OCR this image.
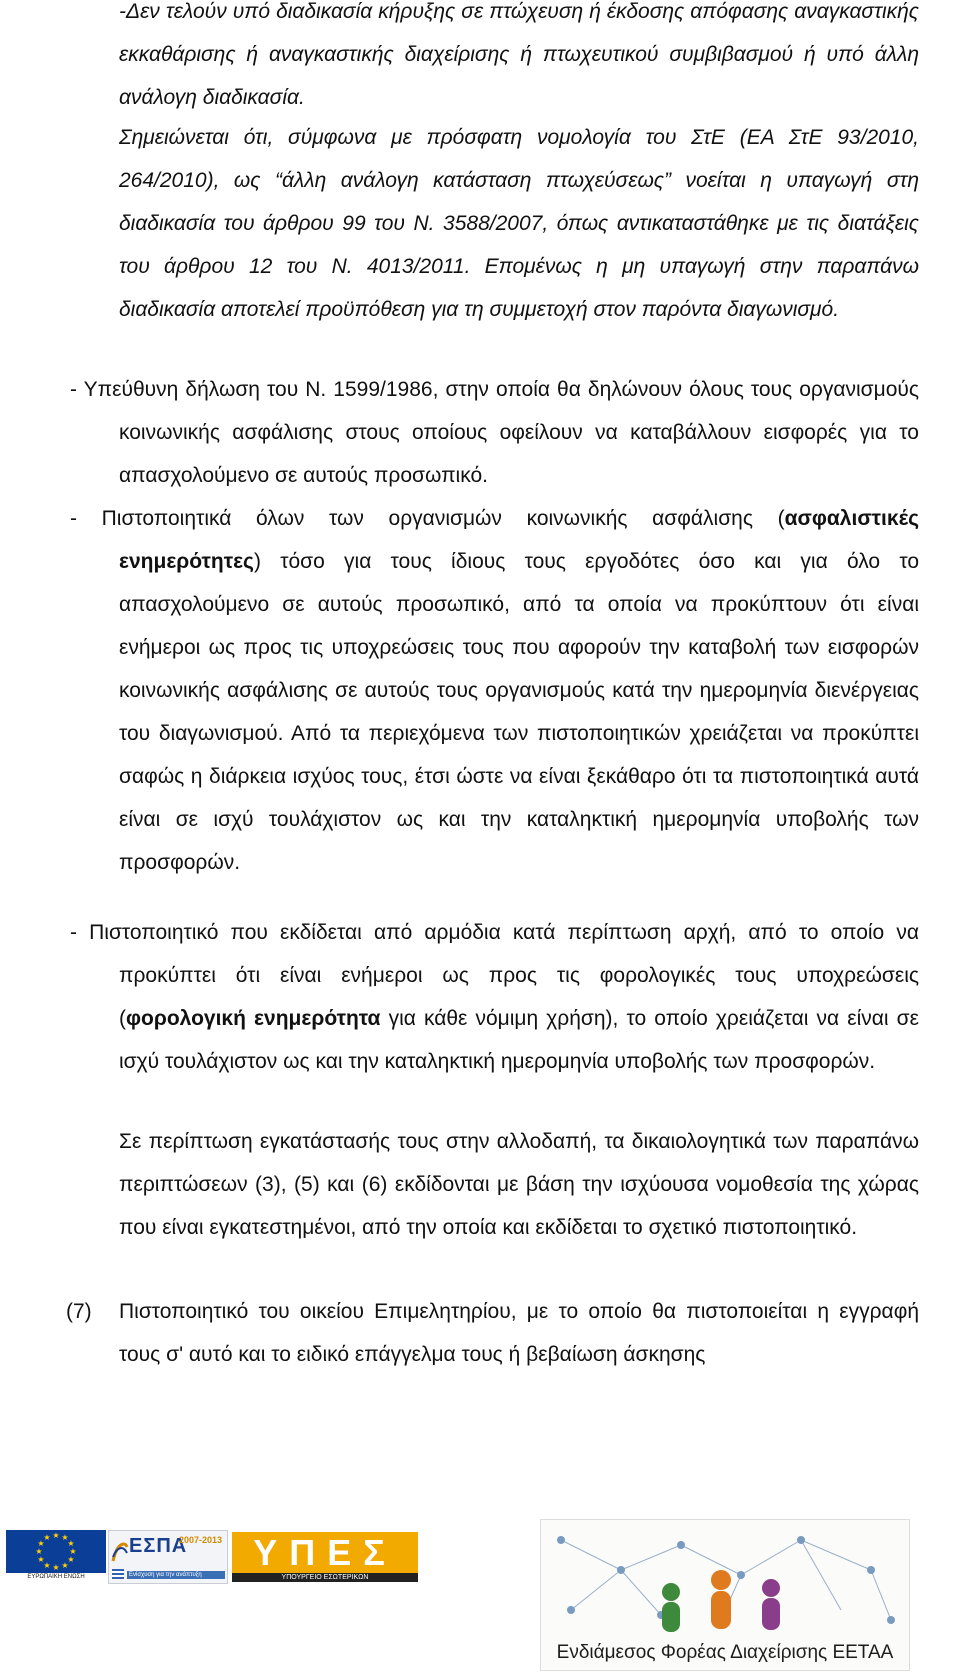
-Δεν τελούν υπό διαδικασία κήρυξης σε πτώχευση ή έκδοσης απόφασης αναγκαστικής εκκαθάρισης ή αναγκαστικής διαχείρισης ή πτωχευτικού συμβιβασμού ή υπό άλλη ανάλογη διαδικασία.

Σημειώνεται ότι, σύμφωνα με πρόσφατη νομολογία του ΣτΕ (ΕΑ ΣτΕ 93/2010, 264/2010), ως “άλλη ανάλογη κατάσταση πτωχεύσεως” νοείται η υπαγωγή στη διαδικασία του άρθρου 99 του Ν. 3588/2007, όπως αντικαταστάθηκε με τις διατάξεις του άρθρου 12 του Ν. 4013/2011. Επομένως η μη υπαγωγή στην παραπάνω διαδικασία αποτελεί προϋπόθεση για τη συμμετοχή στον παρόντα διαγωνισμό.

- Υπεύθυνη δήλωση του Ν. 1599/1986, στην οποία θα δηλώνουν όλους τους οργανισμούς κοινωνικής ασφάλισης στους οποίους οφείλουν να καταβάλλουν εισφορές για το απασχολούμενο σε αυτούς προσωπικό.

- Πιστοποιητικά όλων των οργανισμών κοινωνικής ασφάλισης (ασφαλιστικές ενημερότητες) τόσο για τους ίδιους τους εργοδότες όσο και για όλο το απασχολούμενο σε αυτούς προσωπικό, από τα οποία να προκύπτουν ότι είναι ενήμεροι ως προς τις υποχρεώσεις τους που αφορούν την καταβολή των εισφορών κοινωνικής ασφάλισης σε αυτούς τους οργανισμούς κατά την ημερομηνία διενέργειας του διαγωνισμού. Από τα περιεχόμενα των πιστοποιητικών χρειάζεται να προκύπτει σαφώς η διάρκεια ισχύος τους, έτσι ώστε να είναι ξεκάθαρο ότι τα πιστοποιητικά αυτά είναι σε ισχύ τουλάχιστον ως και την καταληκτική ημερομηνία υποβολής των προσφορών.

- Πιστοποιητικό που εκδίδεται από αρμόδια κατά περίπτωση αρχή, από το οποίο να προκύπτει ότι είναι ενήμεροι ως προς τις φορολογικές τους υποχρεώσεις (φορολογική ενημερότητα για κάθε νόμιμη χρήση), το οποίο χρειάζεται να είναι σε ισχύ τουλάχιστον ως και την καταληκτική ημερομηνία υποβολής των προσφορών.

Σε περίπτωση εγκατάστασής τους στην αλλοδαπή, τα δικαιολογητικά των παραπάνω περιπτώσεων (3), (5) και (6) εκδίδονται με βάση την ισχύουσα νομοθεσία της χώρας που είναι εγκατεστημένοι, από την οποία και εκδίδεται το σχετικό πιστοποιητικό.

(7) Πιστοποιητικό του οικείου Επιμελητηρίου, με το οποίο θα πιστοποιείται η εγγραφή τους σ' αυτό και το ειδικό επάγγελμα τους ή βεβαίωση άσκησης

★ ★
★
★
★
★
★
★
★
★
★
★
ΕΥΡΩΠΑΪΚΗ ΕΝΩΣΗ
ΕΣΠΑ
2007-2013
Ενίσχυση για την ανάπτυξη
ΥΠΕΣ
ΥΠΟΥΡΓΕΙΟ ΕΣΩΤΕΡΙΚΩΝ
Ενδιάμεσος Φορέας Διαχείρισης ΕΕΤΑΑ
